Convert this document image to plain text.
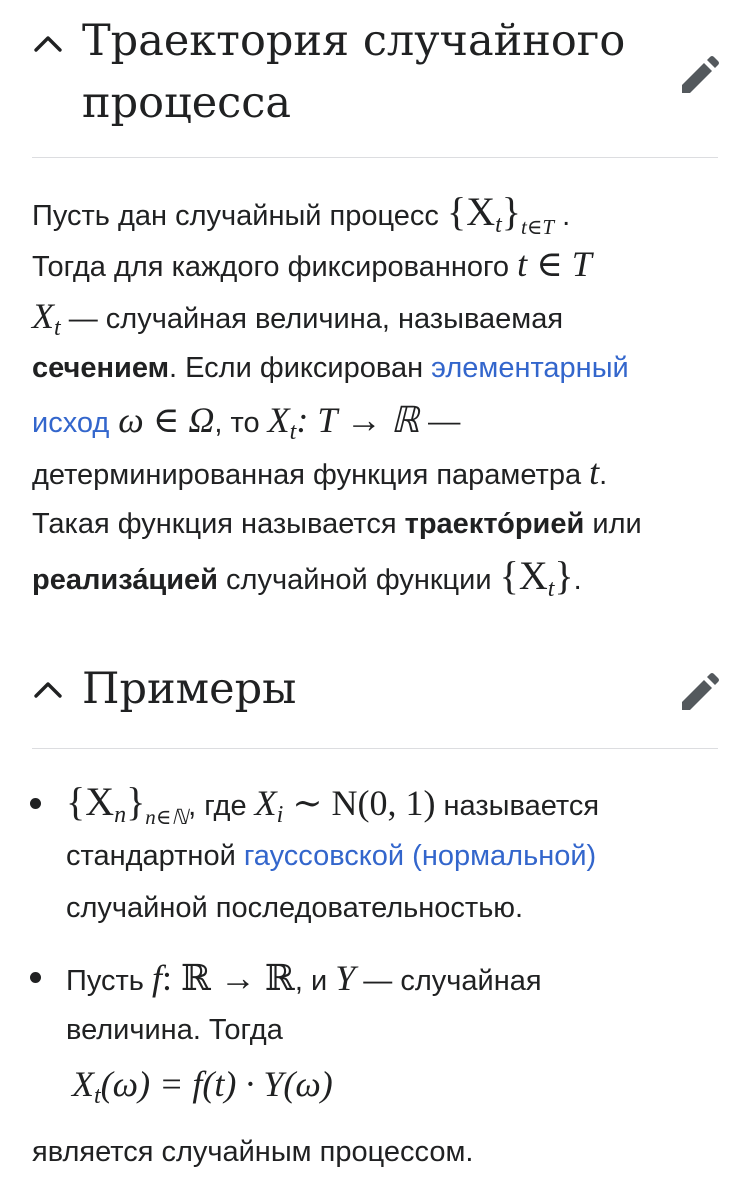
Траектория случайного
процесса

Пусть дан случайный процесс $\{X_t\}_{t\in T}$ .

Тогда для каждого фиксированного t ∈ T

$X_t$ — случайная величина, называемая

сечением. Если фиксирован элементарный

исход ω ∈ Ω, то $X_t$: T → ℝ —

детерминированная функция параметра t.

Такая функция называется траекто́рией или

реализа́цией случайной функции $\{X_t\}$.

Примеры

$\{X_n\}_{n\in ℕ}$, где $X_i$ ∼ N(0, 1) называется

стандартной гауссовской (нормальной)

случайной последовательностью.

Пусть f: ℝ → ℝ, и Y — случайная

величина. Тогда

Xt(ω) = f(t) · Y(ω)

является случайным процессом.
